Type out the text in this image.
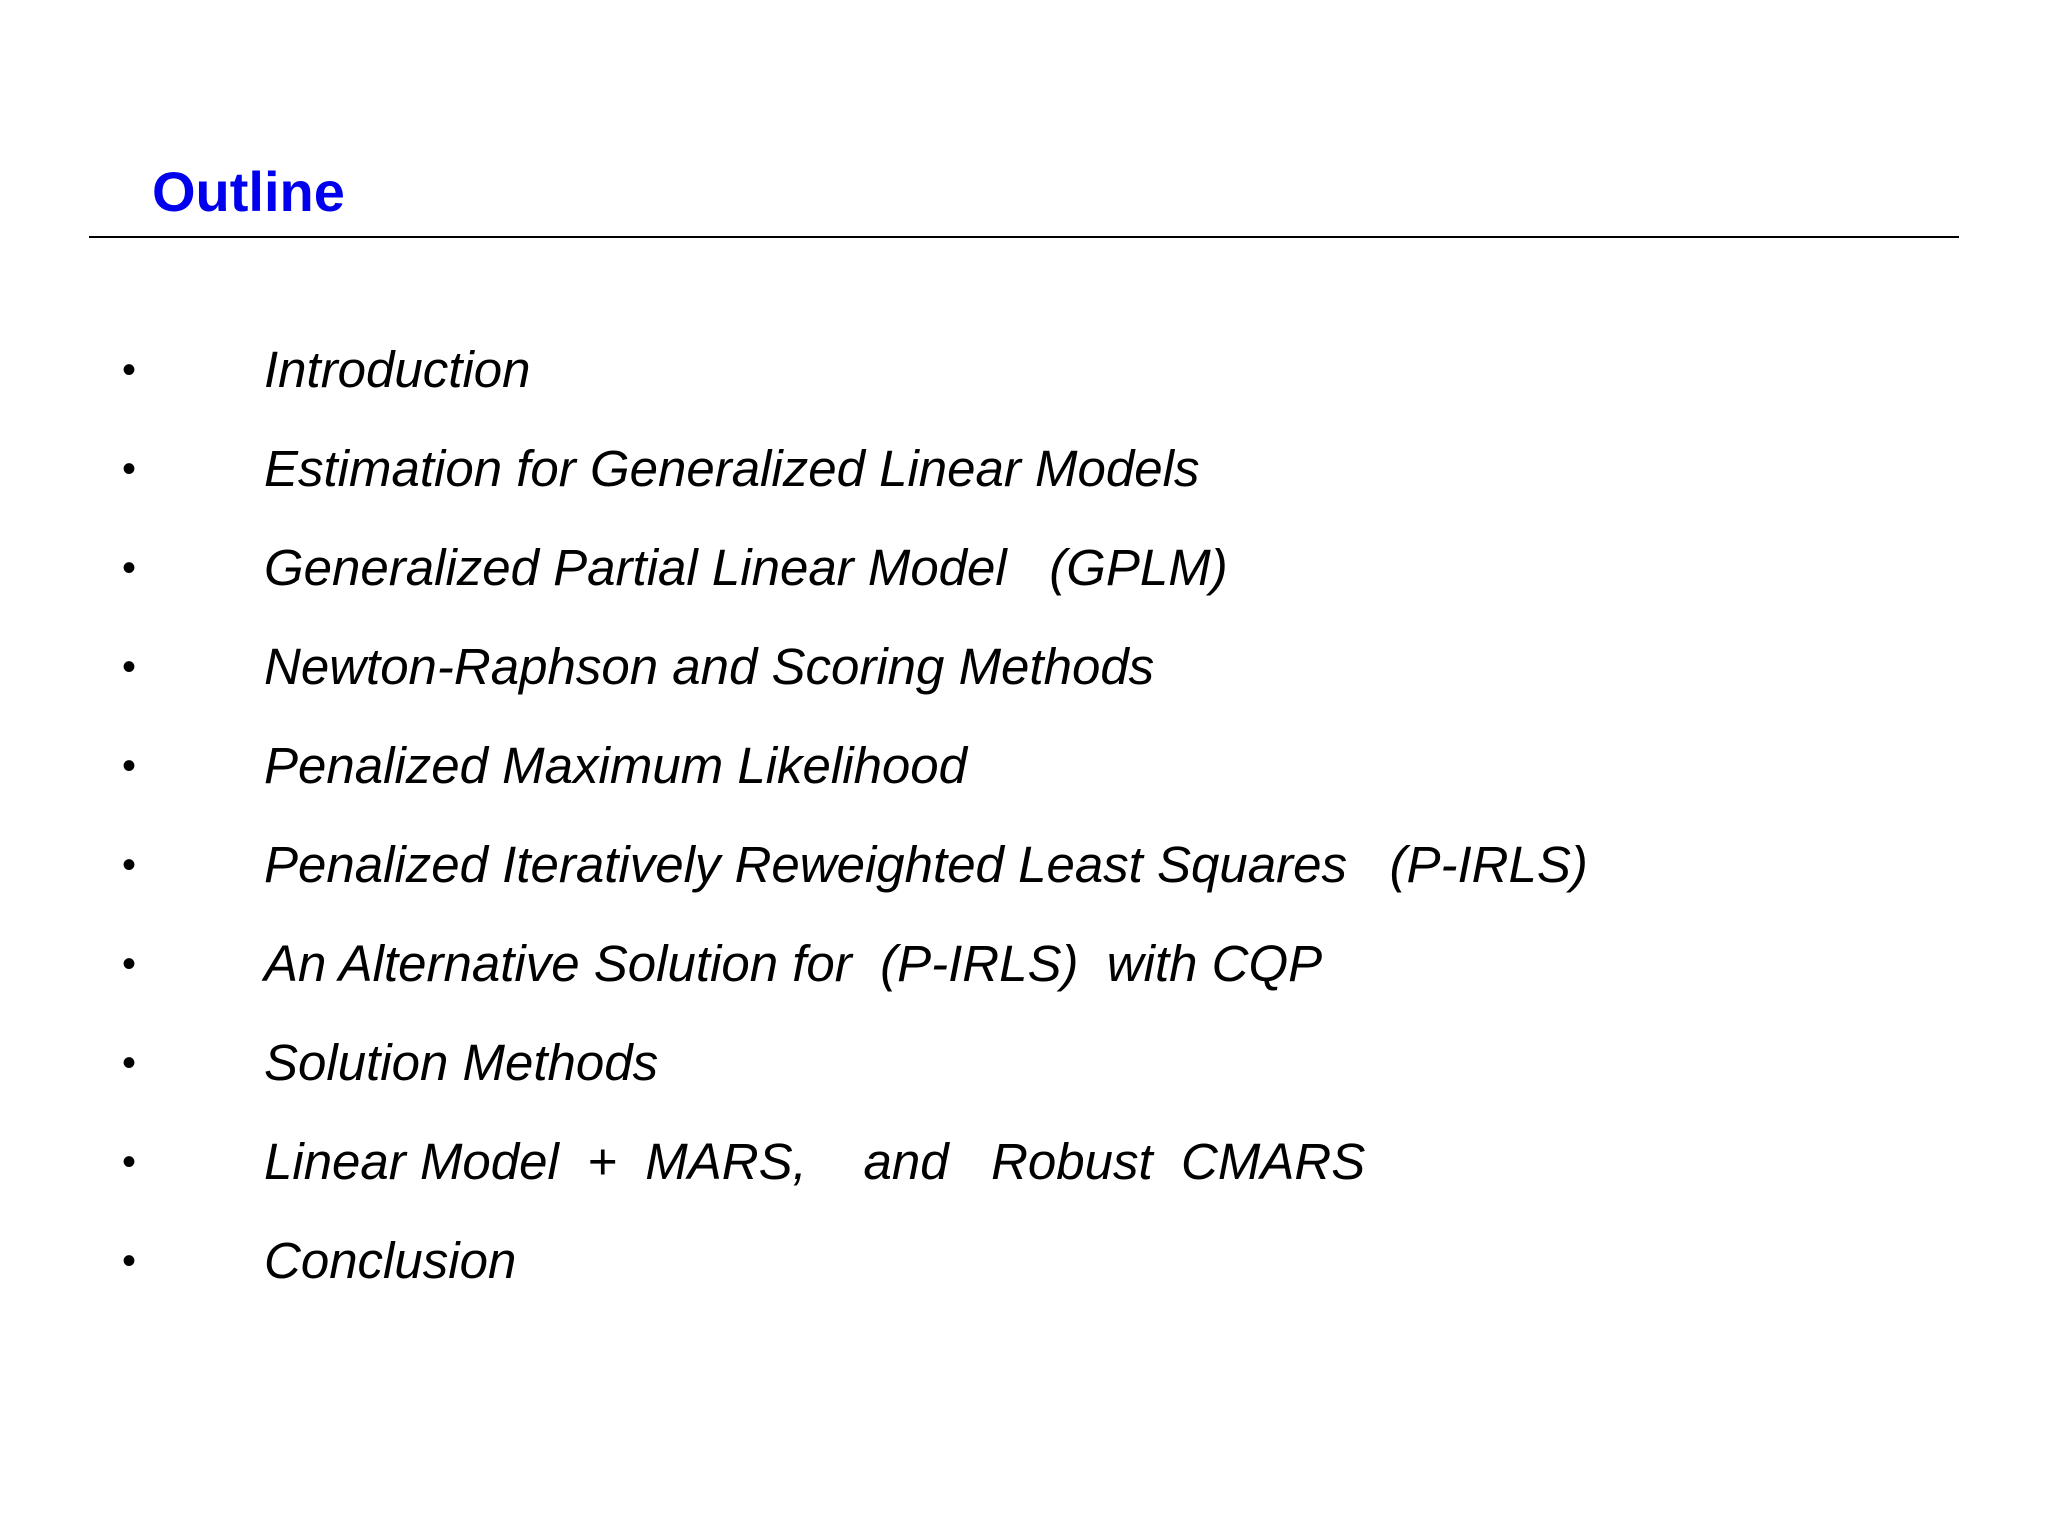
Outline
•	Introduction
•	Estimation for Generalized Linear Models
•	Generalized Partial Linear Model   (GPLM)
•	Newton-Raphson and Scoring Methods
•	Penalized Maximum Likelihood
•	Penalized Iteratively Reweighted Least Squares   (P-IRLS)
•	An Alternative Solution for  (P-IRLS)  with CQP
•	Solution Methods
•	Linear Model  +  MARS,    and   Robust  CMARS
•	Conclusion
